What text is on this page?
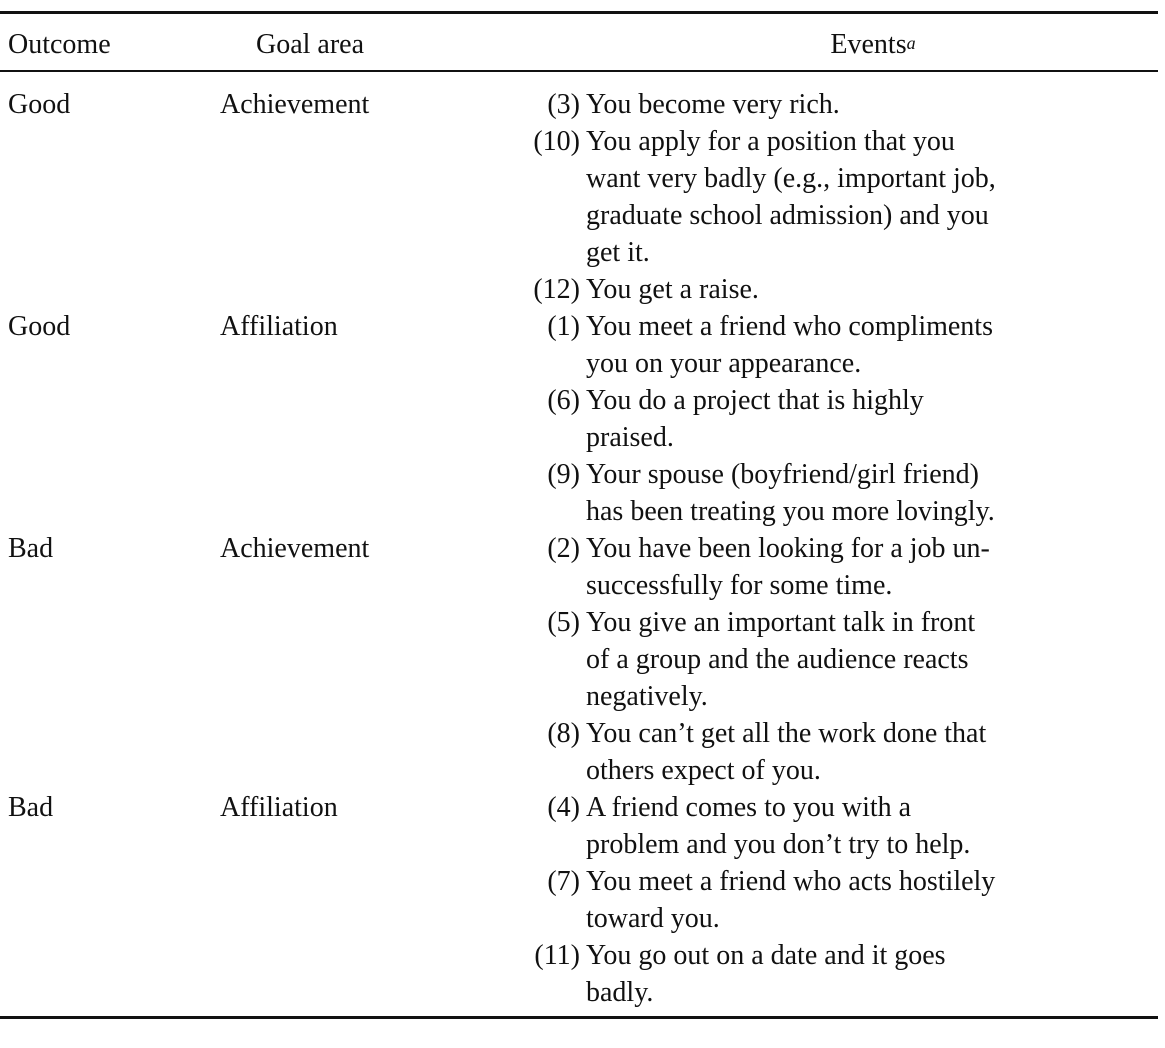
Outcome	Goal area	Events$^a$
Good	Achievement	(3) You become very rich.
(10) You apply for a position that you
want very badly (e.g., important job,
graduate school admission) and you
get it.
(12) You get a raise.
Good	Affiliation	(1) You meet a friend who compliments
you on your appearance.
(6) You do a project that is highly
praised.
(9) Your spouse (boyfriend/girl friend)
has been treating you more lovingly.
Bad	Achievement	(2) You have been looking for a job un-
successfully for some time.
(5) You give an important talk in front
of a group and the audience reacts
negatively.
(8) You can’t get all the work done that
others expect of you.
Bad	Affiliation	(4) A friend comes to you with a
problem and you don’t try to help.
(7) You meet a friend who acts hostilely
toward you.
(11) You go out on a date and it goes
badly.
